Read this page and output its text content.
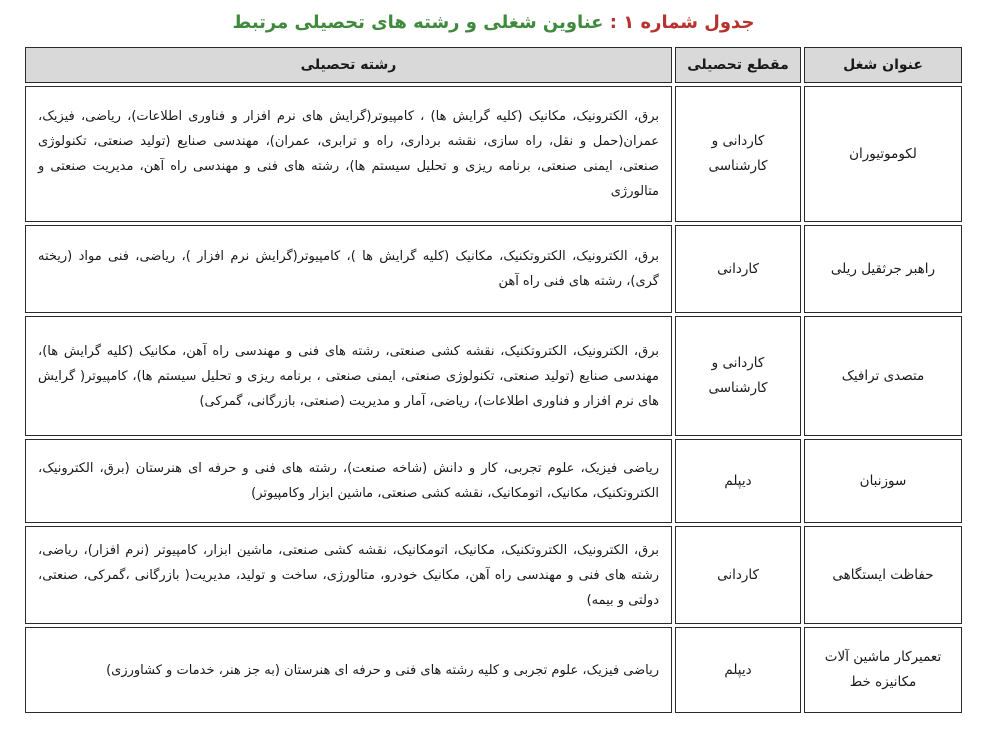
جدول شماره ۱ : عناوین شغلی و رشته های تحصیلی مرتبط
عنوان شغل	مقطع تحصیلی	رشته تحصیلی
لکوموتیوران	کاردانی و کارشناسی	برق، الکترونیک، مکانیک (کلیه گرایش ها) ، کامپیوتر(گرایش های نرم افزار و فناوری اطلاعات)، ریاضی، فیزیک، عمران(حمل و نقل، راه سازی، نقشه برداری، راه و ترابری، عمران)، مهندسی صنایع (تولید صنعتی، تکنولوژی صنعتی، ایمنی صنعتی، برنامه ریزی و تحلیل سیستم ها)، رشته های فنی و مهندسی راه آهن، مدیریت صنعتی و متالورژی
راهبر جرثقیل ریلی	کاردانی	برق، الکترونیک، الکتروتکنیک، مکانیک (کلیه گرایش ها )، کامپیوتر(گرایش نرم افزار )، ریاضی، فنی مواد (ریخته گری)، رشته های فنی راه آهن
متصدی ترافیک	کاردانی و کارشناسی	برق، الکترونیک، الکتروتکنیک، نقشه کشی صنعتی، رشته های فنی و مهندسی راه آهن، مکانیک (کلیه گرایش ها)، مهندسی صنایع (تولید صنعتی، تکنولوژی صنعتی، ایمنی صنعتی ، برنامه ریزی و تحلیل سیستم ها)، کامپیوتر( گرایش های نرم افزار و فناوری اطلاعات)، ریاضی، آمار و مدیریت (صنعتی، بازرگانی، گمرکی)
سوزنبان	دیپلم	ریاضی فیزیک، علوم تجربی، کار و دانش (شاخه صنعت)، رشته های فنی و حرفه ای هنرستان (برق، الکترونیک، الکتروتکنیک، مکانیک، اتومکانیک، نقشه کشی صنعتی، ماشین ابزار وکامپیوتر)
حفاظت ایستگاهی	کاردانی	برق، الکترونیک، الکتروتکنیک، مکانیک، اتومکانیک، نقشه کشی صنعتی، ماشین ابزار، کامپیوتر (نرم افزار)، ریاضی، رشته های فنی و مهندسی راه آهن، مکانیک خودرو، متالورژی، ساخت و تولید، مدیریت( بازرگانی ،گمرکی، صنعتی، دولتی و بیمه)
تعمیرکار ماشین آلات مکانیزه خط	دیپلم	ریاضی فیزیک، علوم تجربی و کلیه رشته های فنی و حرفه ای هنرستان (به جز هنر، خدمات و کشاورزی)
